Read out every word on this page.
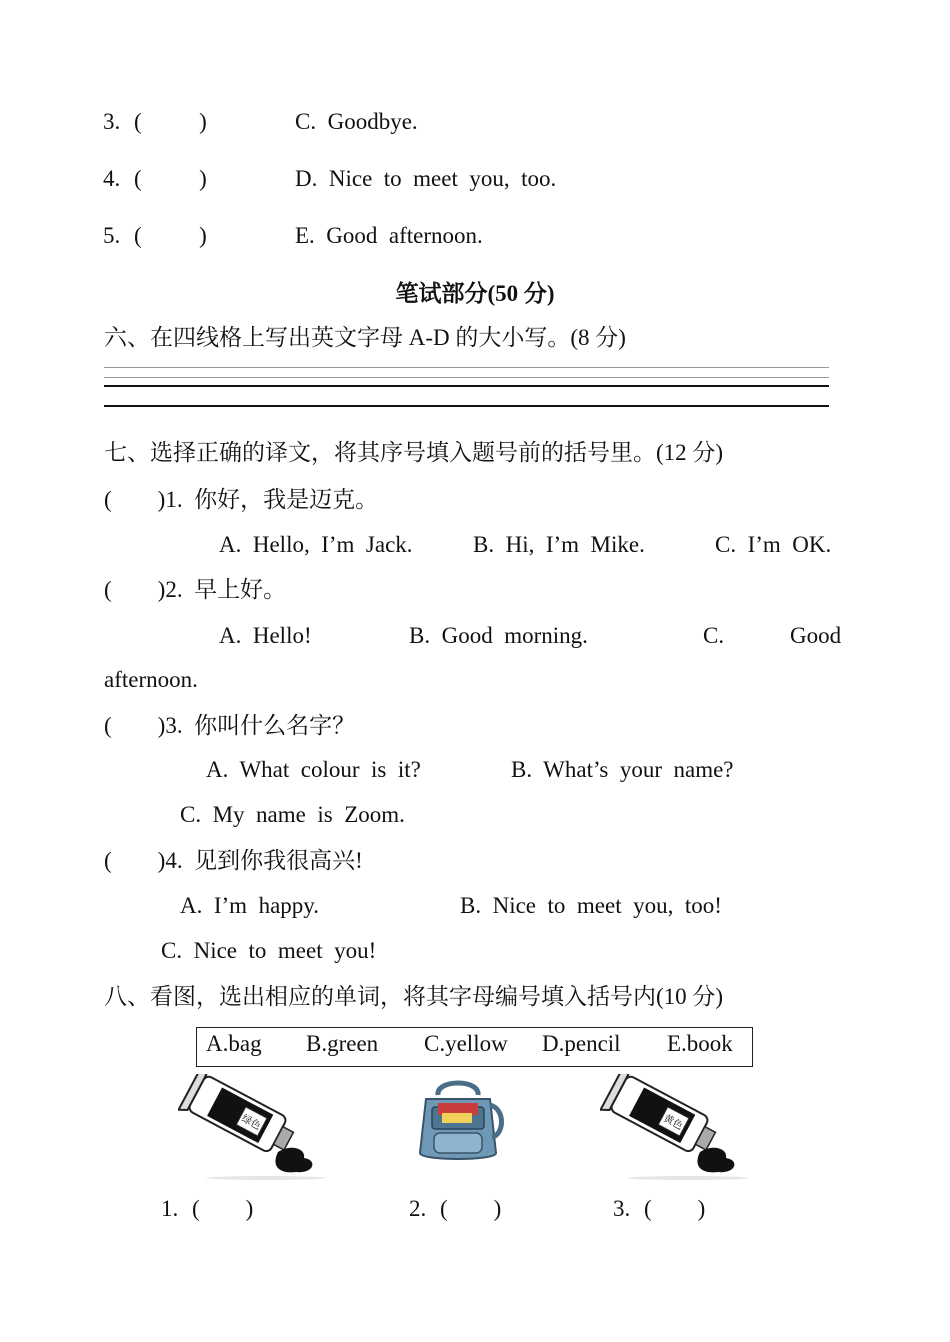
3. (          )	C.  Goodbye.
4. (          )	D.  Nice  to  meet  you,  too.
5. (          )	E.  Good  afternoon.
笔试部分(50 分)
六、在四线格上写出英文字母 A-D 的大小写。(8 分)
七、选择正确的译文，将其序号填入题号前的括号里。(12 分)
(        )1.  你好，我是迈克。
A.  Hello,  I’m  Jack.	B.  Hi,  I’m  Mike.	C.  I’m  OK.
(        )2.  早上好。
A.  Hello!	B.  Good  morning.	C.	Good
afternoon.
(        )3.  你叫什么名字？
A.  What  colour  is  it?	B.  What’s  your  name?
C.  My  name  is  Zoom.
(        )4.  见到你我很高兴!
A.  I’m  happy.	B.  Nice  to  meet  you,  too!
C.  Nice  to  meet  you!
八、看图，选出相应的单词，将其字母编号填入括号内(10 分)
A.bag B.green C.yellow D.pencil E.book
绿色	黄色
1. (        )	2. (        )	3. (        )
